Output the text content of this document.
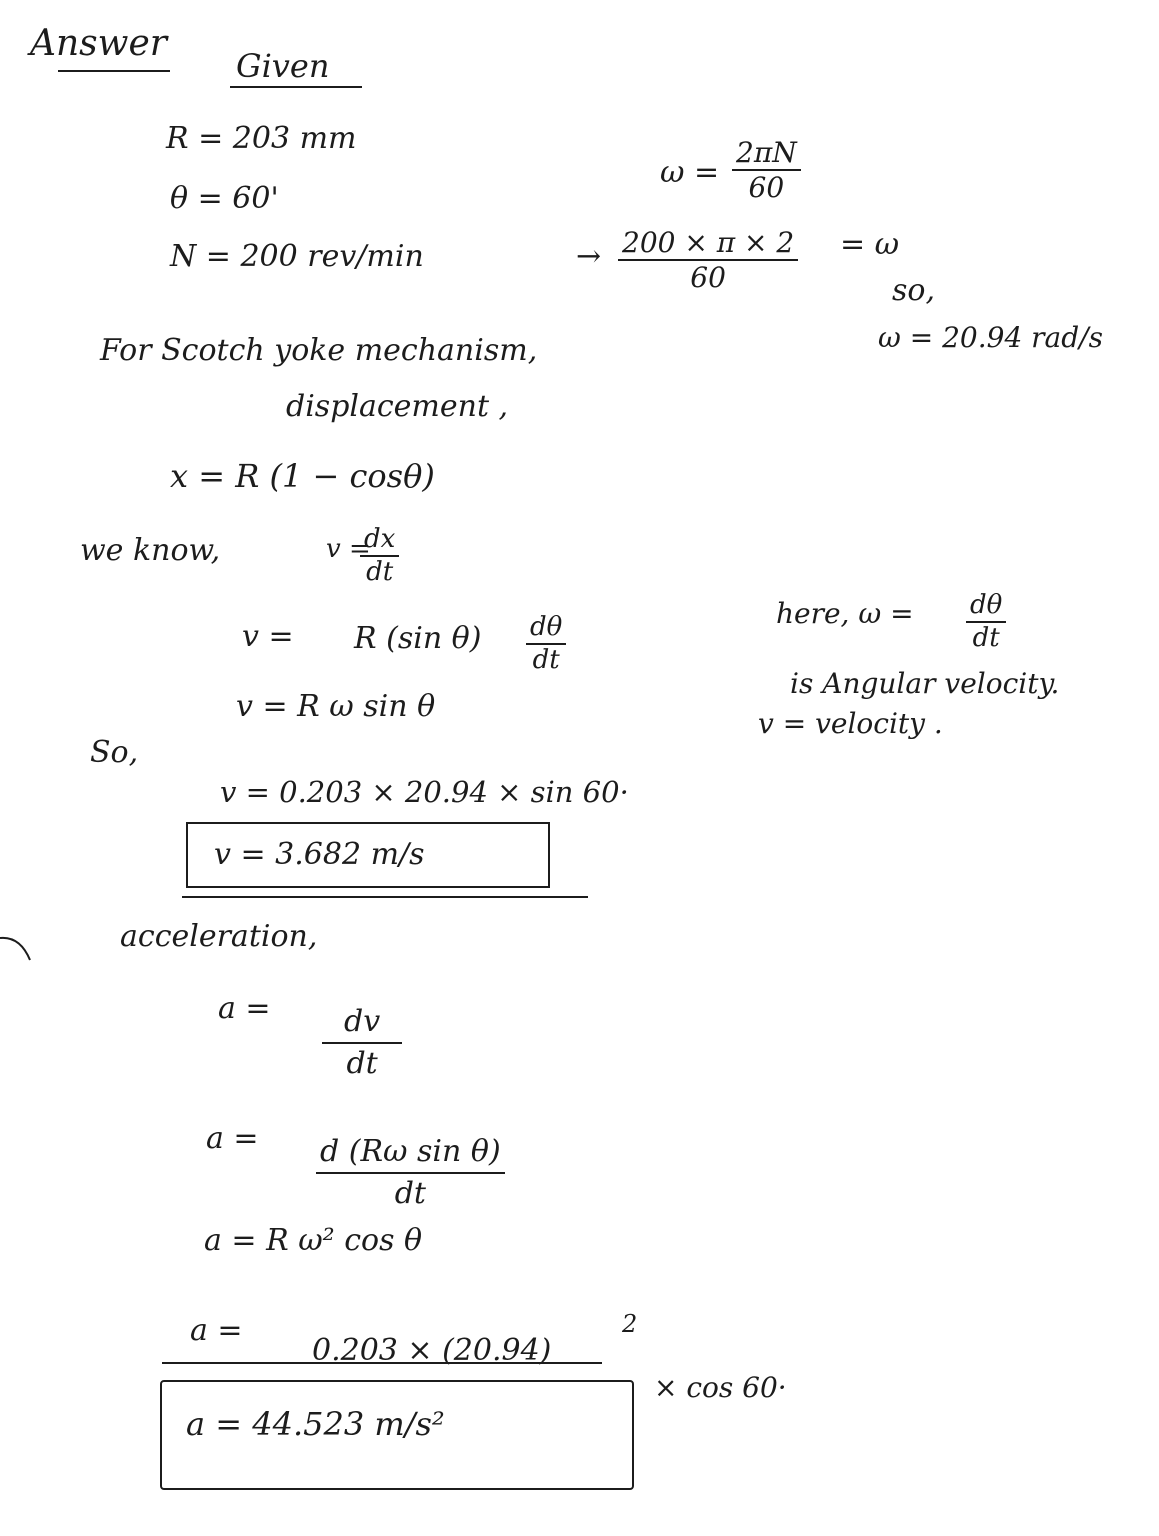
Answer
Given
R = 203 mm
θ = 60'
N = 200 rev/min
$\omega = \frac{2\pi N}{60}$
→ $\frac{200 \times \pi \times 2}{60} = \omega$
so,
ω = 20.94 rad/s
For Scotch yoke mechanism,
displacement ,
x = R (1 − cosθ)
we know,	v =
$\frac{dx}{dt}$
v = R (sin $\theta) \frac{d\theta}{dt}$
v = R ω sin θ
So,
v = 0.203 × 20.94 × sin 60·
v = 3.682 m/s
here, $\omega = \frac{d\theta}{dt}$
is Angular velocity.
v = velocity .
acceleration,
$a = \frac{dv}{dt}$
$a = \frac{\text{d (Rω sin θ)}}{dt}$
a = R ω² cos θ
a =
0.203 × (20.94)
2
× cos 60·
a = 44.523 m/s²
